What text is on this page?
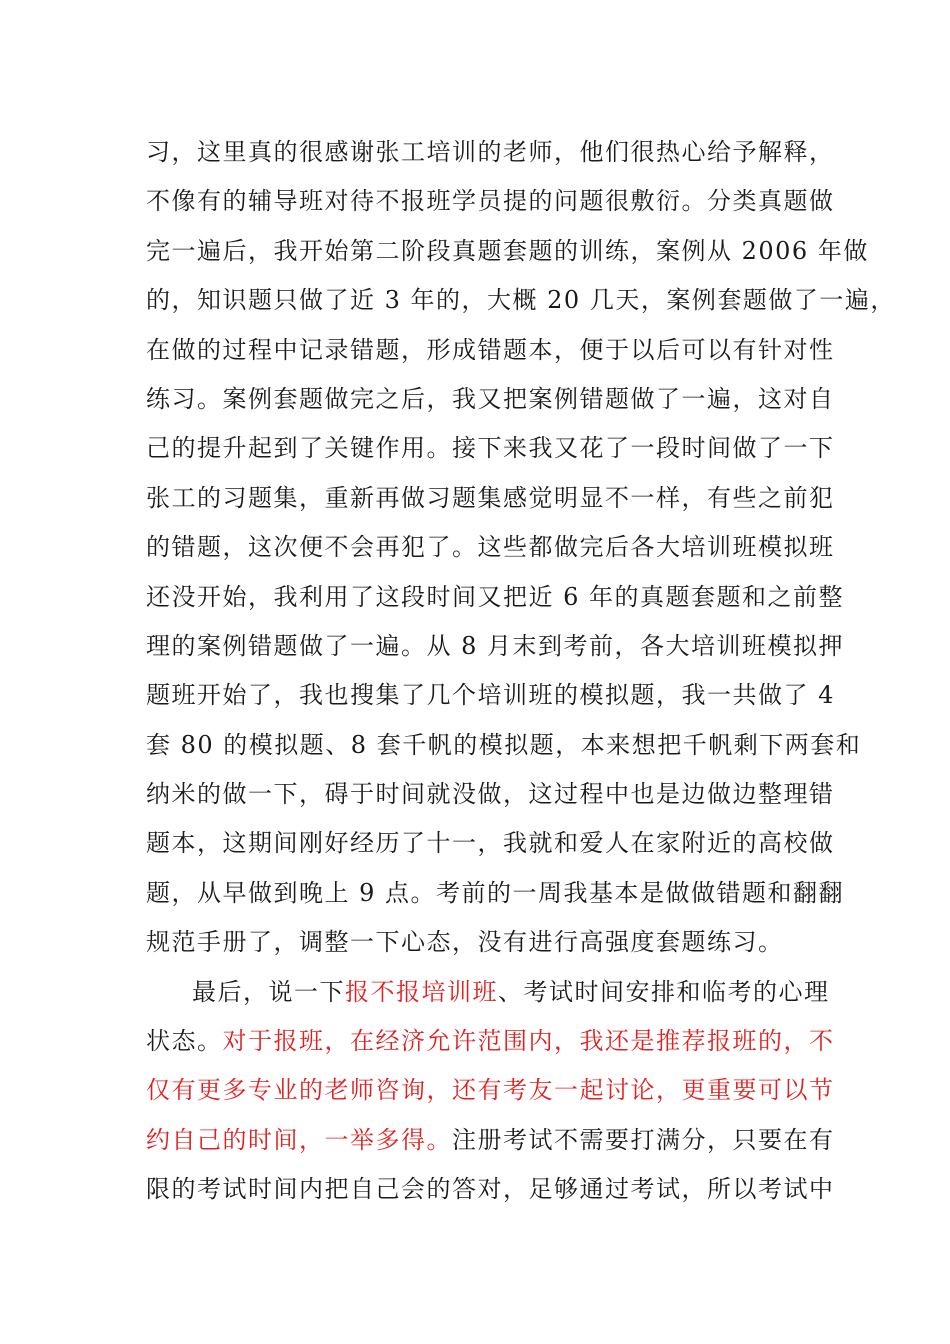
习，这里真的很感谢张工培训的老师，他们很热心给予解释，
不像有的辅导班对待不报班学员提的问题很敷衍。分类真题做
完一遍后，我开始第二阶段真题套题的训练，案例从 2006 年做
的，知识题只做了近 3 年的，大概 20 几天，案例套题做了一遍，
在做的过程中记录错题，形成错题本，便于以后可以有针对性
练习。案例套题做完之后，我又把案例错题做了一遍，这对自
己的提升起到了关键作用。接下来我又花了一段时间做了一下
张工的习题集，重新再做习题集感觉明显不一样，有些之前犯
的错题，这次便不会再犯了。这些都做完后各大培训班模拟班
还没开始，我利用了这段时间又把近 6 年的真题套题和之前整
理的案例错题做了一遍。从 8 月末到考前，各大培训班模拟押
题班开始了，我也搜集了几个培训班的模拟题，我一共做了 4
套 80 的模拟题、8 套千帆的模拟题，本来想把千帆剩下两套和
纳米的做一下，碍于时间就没做，这过程中也是边做边整理错
题本，这期间刚好经历了十一，我就和爱人在家附近的高校做
题，从早做到晚上 9 点。考前的一周我基本是做做错题和翻翻
规范手册了，调整一下心态，没有进行高强度套题练习。
最后，说一下报不报培训班、考试时间安排和临考的心理
状态。对于报班，在经济允许范围内，我还是推荐报班的，不
仅有更多专业的老师咨询，还有考友一起讨论，更重要可以节
约自己的时间，一举多得。注册考试不需要打满分，只要在有
限的考试时间内把自己会的答对，足够通过考试，所以考试中
